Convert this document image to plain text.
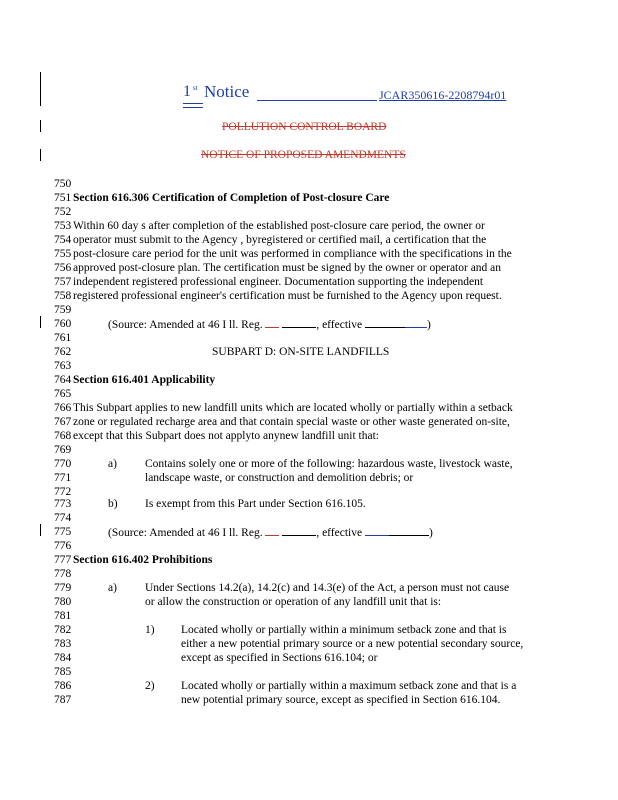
1 st Notice	JCAR350616-2208794r01
POLLUTION CONTROL BOARD
NOTICE OF PROPOSED AMENDMENTS
750
751
752
753
754
755
756
757
758
759
760
761
762
763
764
765
766
767
768
769
770
771
772
773
774
775
776
777
778
779
780
781
782
783
784
785
786
787
Section 616.306 Certification of Completion of Post-closure Care
Within 60 day s after completion of the established post-closure care period, the owner or
operator must submit to the Agency , byregistered or certified mail, a certification that the
post-closure care period for the unit was performed in compliance with the specifications in the
approved post-closure plan. The certification must be signed by the owner or operator and an
independent registered professional engineer. Documentation supporting the independent
registered professional engineer's certification must be furnished to the Agency upon request.
(Source: Amended at 46 I ll. Reg.	, effective	)
SUBPART D: ON-SITE LANDFILLS
Section 616.401 Applicability
This Subpart applies to new landfill units which are located wholly or partially within a setback
zone or regulated recharge area and that contain special waste or other waste generated on-site,
except that this Subpart does not applyto anynew landfill unit that:
a) Contains solely one or more of the following: hazardous waste, livestock waste,
landscape waste, or construction and demolition debris; or
b) Is exempt from this Part under Section 616.105.
(Source: Amended at 46 I ll. Reg.	, effective	)
Section 616.402 Prohibitions
a) Under Sections 14.2(a), 14.2(c) and 14.3(e) of the Act, a person must not cause
or allow the construction or operation of any landfill unit that is:
1) Located wholly or partially within a minimum setback zone and that is
either a new potential primary source or a new potential secondary source,
except as specified in Sections 616.104; or
2) Located wholly or partially within a maximum setback zone and that is a
new potential primary source, except as specified in Section 616.104.
